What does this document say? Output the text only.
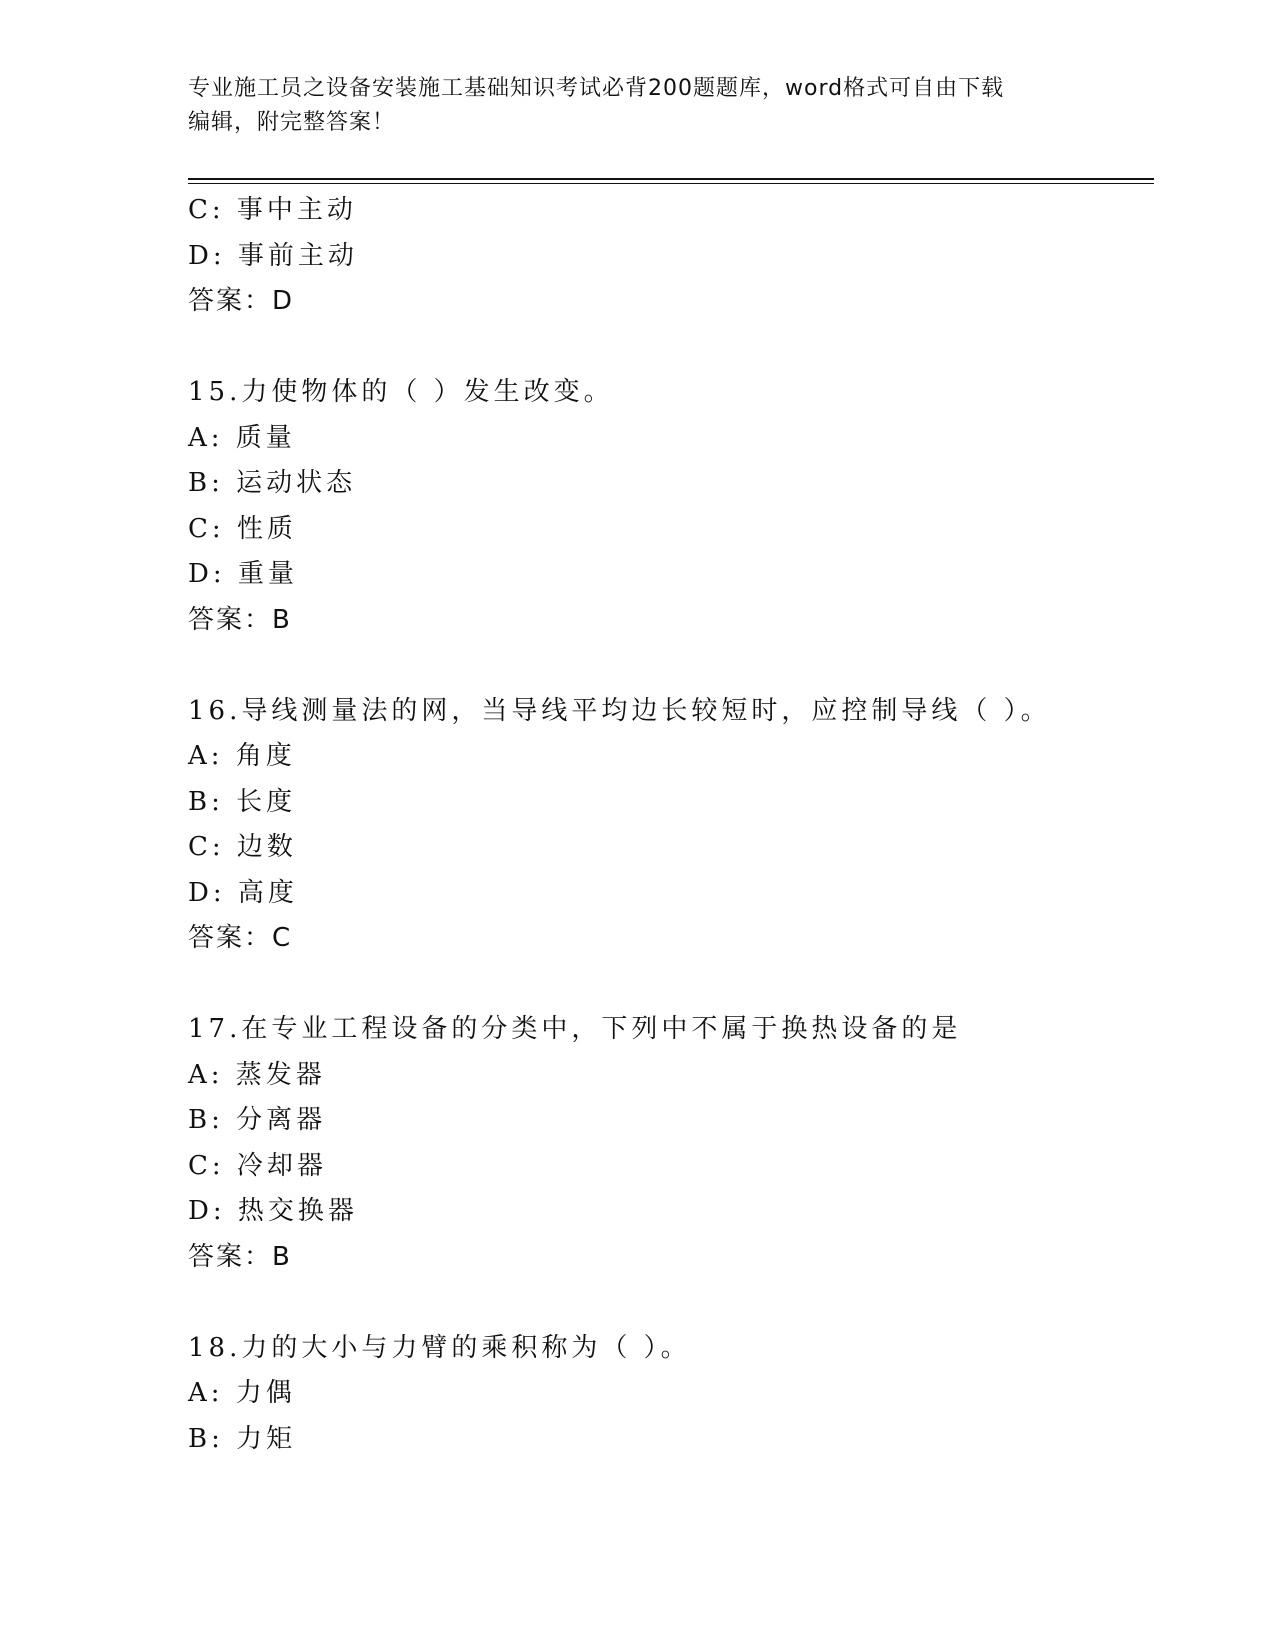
专业施工员之设备安装施工基础知识考试必背200题题库，word格式可自由下载
编辑，附完整答案！
C: 事中主动
D: 事前主动
答案：D
15.力使物体的（ ）发生改变。
A: 质量
B: 运动状态
C: 性质
D: 重量
答案：B
16.导线测量法的网，当导线平均边长较短时，应控制导线（ ）。
A: 角度
B: 长度
C: 边数
D: 高度
答案：C
17.在专业工程设备的分类中，下列中不属于换热设备的是
A: 蒸发器
B: 分离器
C: 冷却器
D: 热交换器
答案：B
18.力的大小与力臂的乘积称为（ ）。
A: 力偶
B: 力矩
